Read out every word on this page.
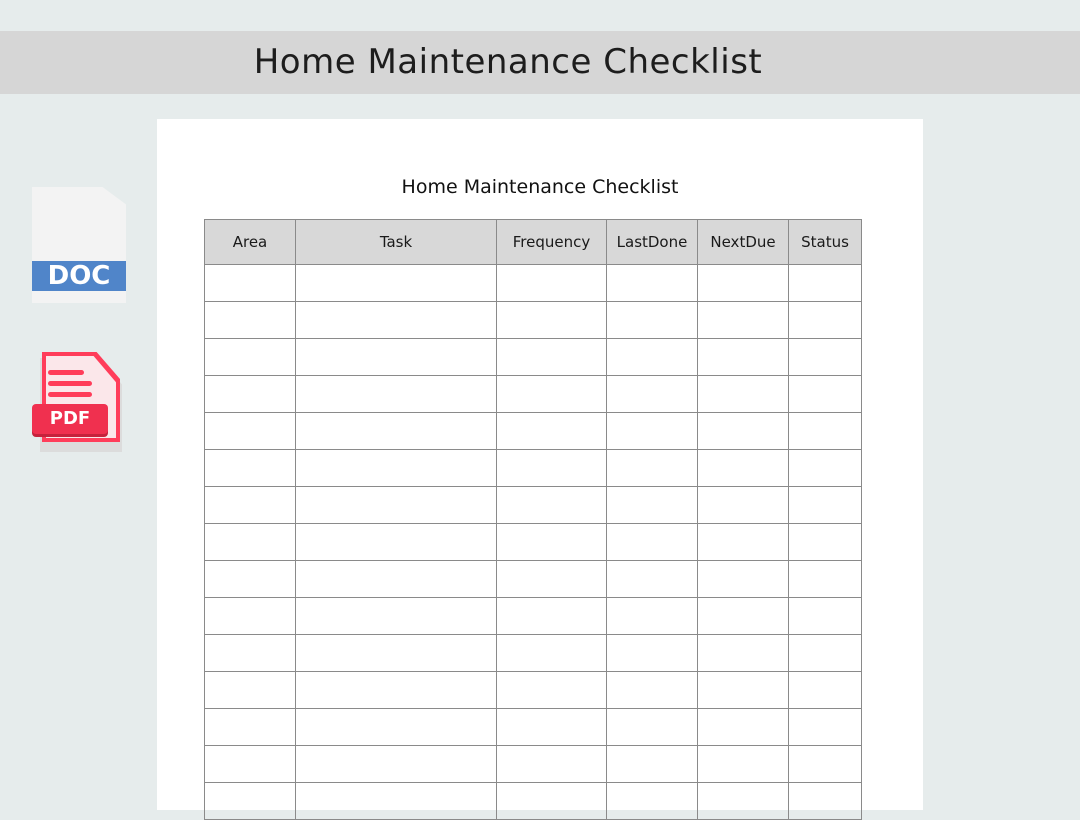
Home Maintenance Checklist
DOC
PDF
Home Maintenance Checklist
Area	Task	Frequency	LastDone	NextDue	Status
